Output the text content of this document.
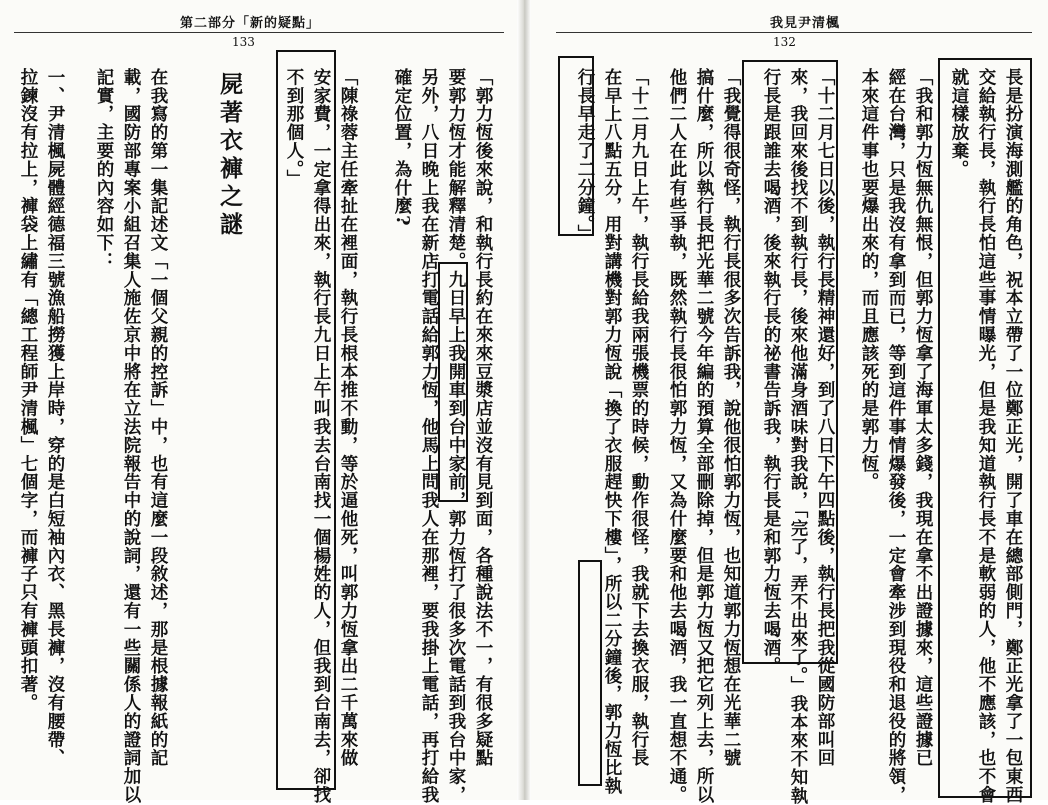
第二部分「新的疑點」
133
我見尹清楓
132
「郭力恆後來說，和執行長約在來來豆漿店並沒有見到面，各種說法不一，有很多疑點
要郭力恆才能解釋清楚。九日早上我開車到台中家前，郭力恆打了很多次電話到我台中家，
另外，八日晚上我在新店打電話給郭力恆，他馬上問我人在那裡，要我掛上電話，再打給我
確定位置，為什麼?
「陳祿蓉主任牽扯在裡面，執行長根本推不動，等於逼他死，叫郭力恆拿出二千萬來做
安家費，一定拿得出來，執行長九日上午叫我去台南找一個楊姓的人，但我到台南去，卻找
不到那個人。」
屍著衣褲之謎
在我寫的第一集記述文「一個父親的控訴」中，也有這麼一段敘述，那是根據報紙的記
載，國防部專案小組召集人施佐京中將在立法院報告中的說詞，還有一些關係人的證詞加以
記實，主要的內容如下：
一、尹清楓屍體經德福三號漁船撈獲上岸時，穿的是白短袖內衣、黑長褲，沒有腰帶、
拉鍊沒有拉上，褲袋上繡有「總工程師尹清楓」七個字，而褲子只有褲頭扣著。	長是扮演海測艦的角色，祝本立帶了一位鄭正光，開了車在總部側門，鄭正光拿了一包東西
交給執行長，執行長怕這些事情曝光，但是我知道執行長不是軟弱的人，他不應該，也不會
就這樣放棄。
「我和郭力恆無仇無恨，但郭力恆拿了海軍太多錢，我現在拿不出證據來，這些證據已
經在台灣，只是我沒有拿到而已，等到這件事情爆發後，一定會牽涉到現役和退役的將領，
本來這件事也要爆出來的，而且應該死的是郭力恆。
「十二月七日以後，執行長精神還好，到了八日下午四點後，執行長把我從國防部叫回
來，我回來後找不到執行長，後來他滿身酒味對我說，「完了，弄不出來了。」我本來不知執
行長是跟誰去喝酒，後來執行長的祕書告訴我，執行長是和郭力恆去喝酒。
「我覺得很奇怪，執行長很多次告訴我，說他很怕郭力恆，也知道郭力恆想在光華二號
搞什麼，所以執行長把光華二號今年編的預算全部刪除掉，但是郭力恆又把它列上去，所以
他們二人在此有些爭執，既然執行長很怕郭力恆，又為什麼要和他去喝酒，我一直想不通。
「十二月九日上午，執行長給我兩張機票的時候，動作很怪，我就下去換衣服，執行長
在早上八點五分，用對講機對郭力恆說「換了衣服趕快下樓」，所以二分鐘後，郭力恆比執
行長早走了二分鐘。」
